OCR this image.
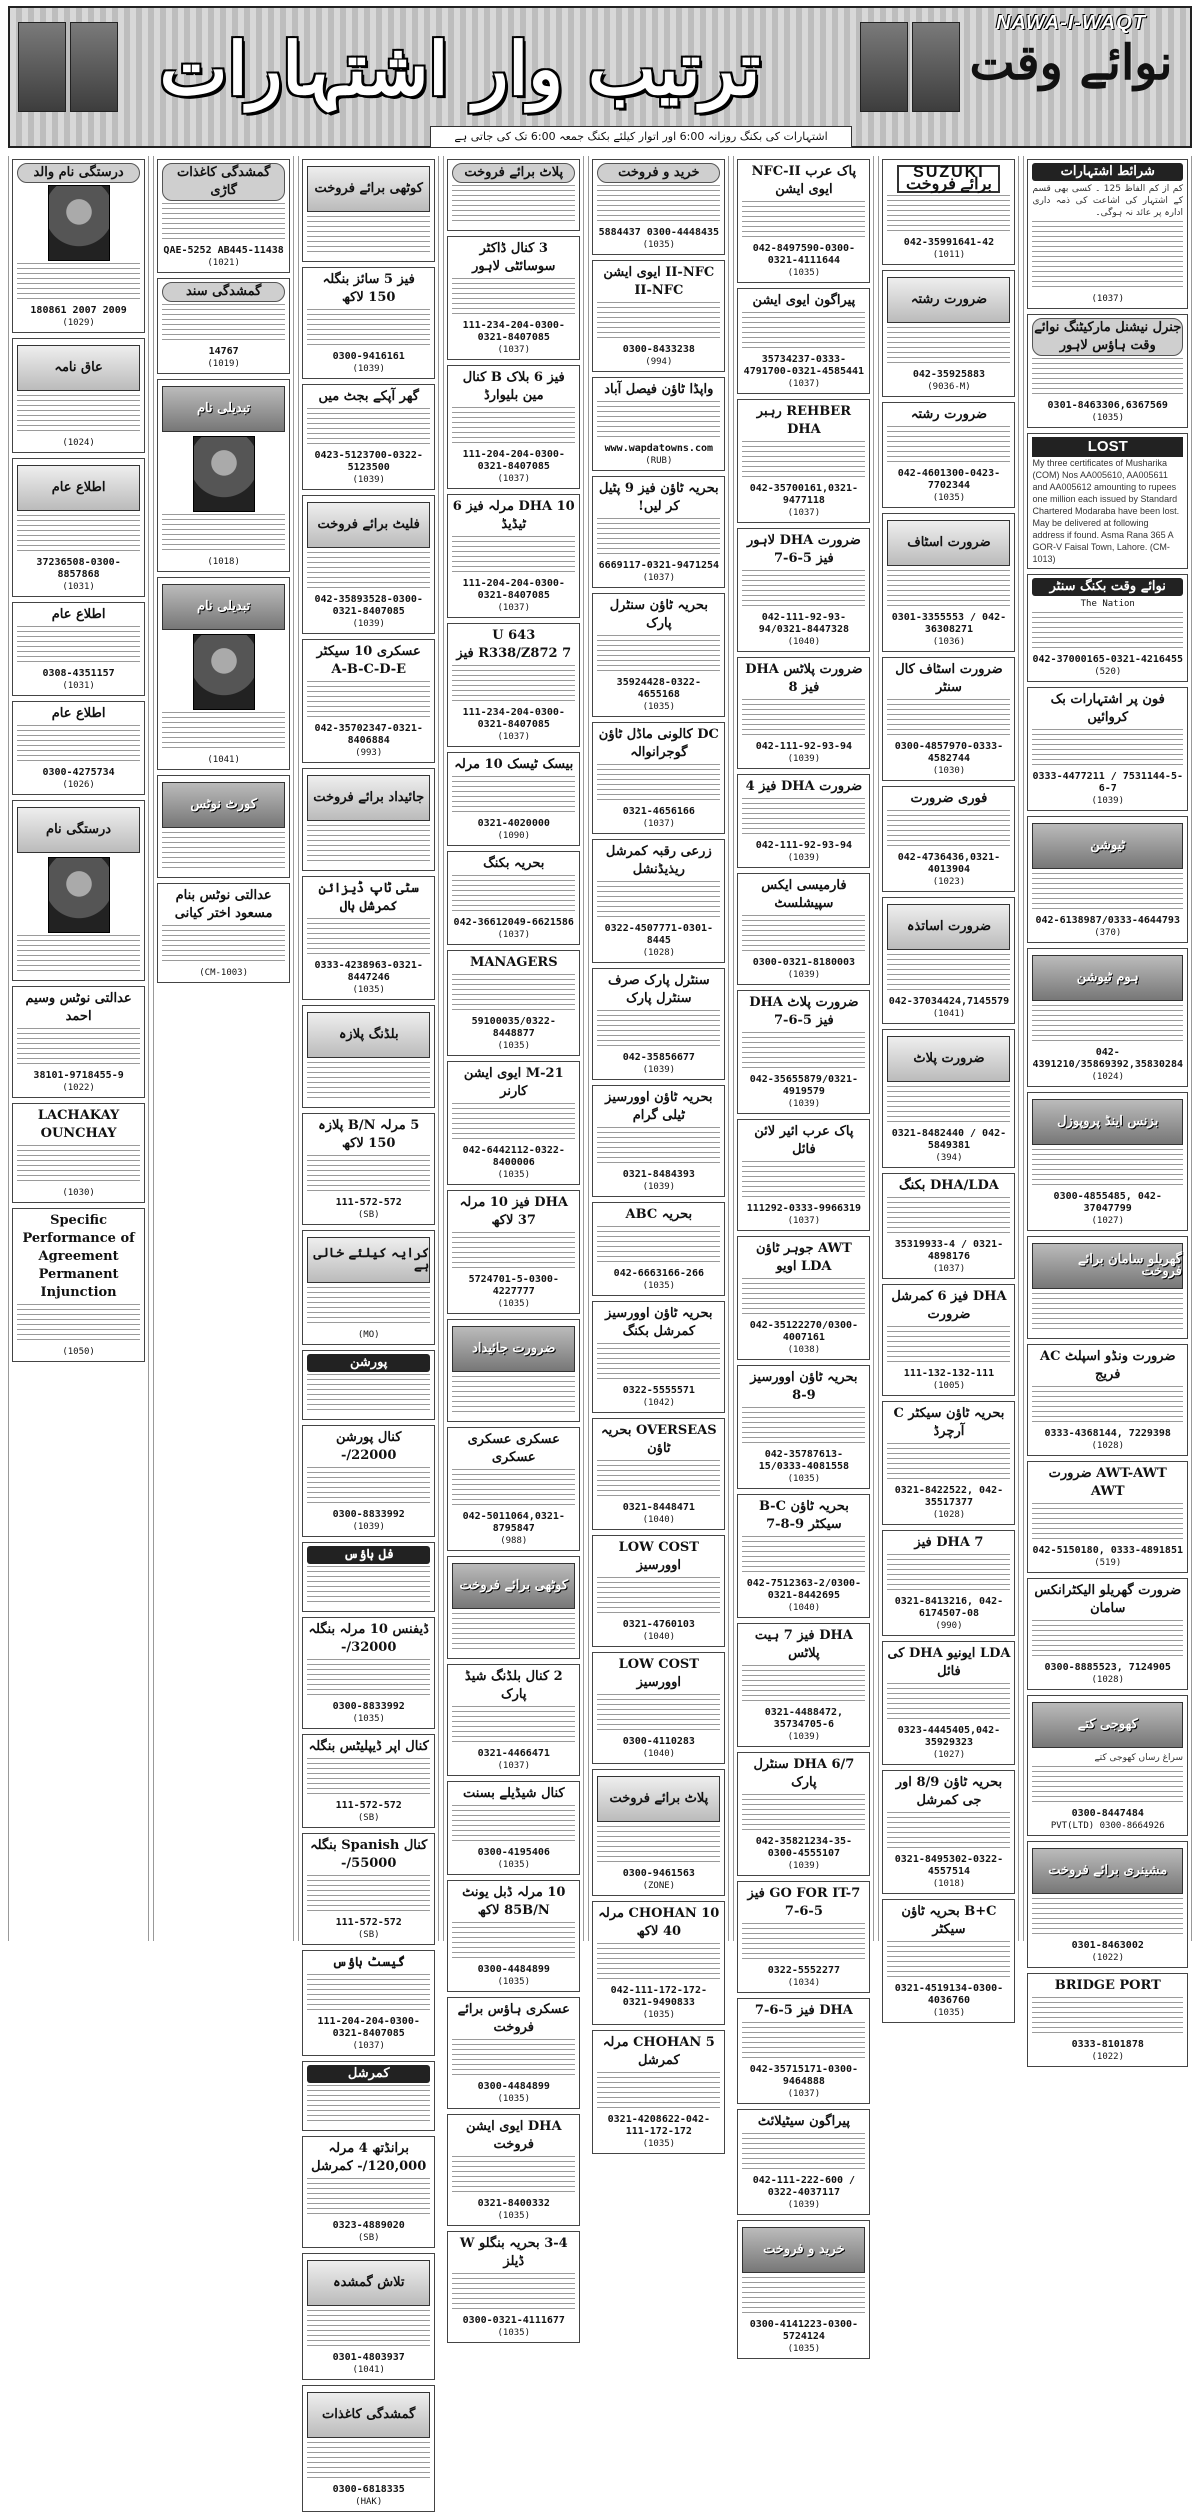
ترتیب وار اشتہارات
NAWA-I-WAQT
نوائے وقت
اشتہارات کی بکنگ روزانہ 6:00 اور اتوار کیلئے بکنگ جمعہ 6:00 تک کی جاتی ہے
شرائط اشتہارات
کم از کم الفاظ 125 ۔ کسی بھی قسم کے اشتہار کی اشاعت کی ذمہ داری ادارہ پر عائد نہ ہوگی۔
(1037)
جنرل نیشنل مارکیٹنگ نوائے وقت ہاؤس لاہور
0301-8463306,6367569
(1035)
LOST
My three certificates of Musharika (COM) Nos AA005610, AA005611 and AA005612 amounting to rupees one million each issued by Standard Chartered Modaraba have been lost. May be delivered at following address if found. Asma Rana 365 A GOR-V Faisal Town, Lahore. (CM-1013)
نوائے وقت بکنگ سنٹر
The Nation
042-37000165-0321-4216455
(520)
فون پر اشتہارات بک کروائیں
0333-4477211 / 7531144-5-6-7
(1039)
ٹیوشن
042-6138987/0333-4644793
(370)
ہوم ٹیوشن
042-4391210/35869392,35830284
(1024)
بزنس اینڈ پروپوزل
0300-4855485, 042-37047799
(1027)
گھریلو سامان برائے فروخت
ضرورت ونڈو اسپلٹ AC فریج
0333-4368144, 7229398
(1028)
AWT-AWT ضرورت AWT
042-5150180, 0333-4891851
(519)
ضرورت گھریلو الیکٹرانکس سامان
0300-8885523, 7124905
(1028)
کھوجی کتے
سراغ رساں کھوجی کتے
0300-8447484
PVT(LTD) 0300-8664926
مشینری برائے فروخت
0301-8463002
(1022)
BRIDGE PORT
0333-8101878
(1022)
SUZUKI برائے فروخت
042-35991641-42
(1011)
ضرورت رشتہ
042-35925883
(9036-M)
ضرورت رشتہ
042-4601300-0423-7702344
(1035)
ضرورت اسٹاف
0301-3355553 / 042-36308271
(1036)
ضرورت اسٹاف کال سنٹر
0300-4857970-0333-4582744
(1030)
فوری ضرورت
042-4736436,0321-4013904
(1023)
ضرورت اساتذہ
042-37034424,7145579
(1041)
ضرورت پلاٹ
0321-8482440 / 042-5849381
(394)
DHA/LDA بکنگ
35319933-4 / 0321-4898176
(1037)
DHA فیز 6 کمرشل ضرورت
111-132-132-111
(1005)
بحریہ ٹاؤن سیکٹر C آرچرڈ
0321-8422522, 042-35517377
(1028)
DHA 7 فیز
0321-8413216, 042-6174507-08
(990)
LDA ایونیو DHA کی فائل
0323-4445405,042-35929323
(1027)
بحریہ ٹاؤن 8/9 اور جی کمرشل
0321-8495302-0322-4557514
(1018)
B+C بحریہ ٹاؤن سیکٹر
0321-4519134-0300-4036760
(1035)
پاک عرب NFC-II ایوی ایشن
042-8497590-0300-0321-4111644
(1035)
پیراگون ایوی ایشن
35734237-0333-4791700-0321-4585441
(1037)
REHBER رہبر DHA
042-35700161,0321-9477118
(1037)
ضرورت DHA لاہور فیز 5-6-7
042-111-92-93-94/0321-8447328
(1040)
ضرورت پلاٹس DHA فیز 8
042-111-92-93-94
(1039)
ضرورت DHA فیز 4
042-111-92-93-94
(1039)
فارمیسی ایکس سپیشلسٹ
0300-0321-8180003
(1039)
ضرورت پلاٹ DHA فیز 5-6-7
042-35655879/0321-4919579
(1039)
پاک عرب ائیر لائن فائل
111292-0333-9966319
(1037)
AWT جوہر ٹاؤن LDA اویو
042-35122270/0300-4007161
(1038)
بحریہ ٹاؤن اوورسیز 9-8
042-35787613-15/0333-4081558
(1035)
بحریہ ٹاؤن B-C سیکٹر 9-8-7
042-7512363-2/0300-0321-8442695
(1040)
DHA فیز 7 ہیت پلاٹس
0321-4488472, 35734705-6
(1039)
DHA 6/7 سنٹرل پارک
042-35821234-35-0300-4555107
(1039)
GO FOR IT-7 فیز 5-6-7
0322-5552277
(1034)
DHA فیز 5-6-7
042-35715171-0300-9464888
(1037)
پیراگون سیٹیلائٹ
042-111-222-600 / 0322-4037117
(1039)
خرید و فروخت
0300-4141223-0300-5724124
(1035)
خرید و فروخت
5884437 0300-4448435
(1035)
II-NFC ایوی ایشن II-NFC
0300-8433238
(994)
واپڈا ٹاؤن فیصل آباد
www.wapdatowns.com
(RUB)
بحریہ ٹاؤن فیز 9 پٹیل کر لیں!
6669117-0321-9471254
(1037)
بحریہ ٹاؤن سنٹرل پارک
35924428-0322-4655168
(1035)
DC کالونی ماڈل ٹاؤن گوجرانوالہ
0321-4656166
(1037)
زرعی رقبہ کمرشل ریذیڈنشل
0322-4507771-0301-8445
(1028)
سنٹرل پارک صرف سنٹرل پارک
042-35856677
(1039)
بحریہ ٹاؤن اوورسیز ٹیلی گرام
0321-8484393
(1039)
بحریہ ABC
042-6663166-266
(1035)
بحریہ ٹاؤن اوورسیز کمرشل بکنگ
0322-5555571
(1042)
OVERSEAS بحریہ ٹاؤن
0321-8448471
(1040)
LOW COST اوورسیز
0321-4760103
(1040)
LOW COST اوورسیز
0300-4110283
(1040)
پلاٹ برائے فروخت
0300-9461563
(ZONE)
CHOHAN 10 مرلہ 40 لاکھ
042-111-172-172-0321-9490833
(1035)
CHOHAN 5 مرلہ کمرشل
0321-4208622-042-111-172-172
(1035)
پلاٹ برائے فروخت
3 کنال ڈاکٹر سوسائٹی لاہور
111-234-204-0300-0321-8407085
(1037)
فیز 6 بلاک B کنال مین بلیوارڈ
111-204-204-0300-0321-8407085
(1037)
DHA 10 مرلہ فیز 6 ٹیڈیڈ
111-204-204-0300-0321-8407085
(1037)
U 643 R338/Z872 7 فیز
111-234-204-0300-0321-8407085
(1037)
بیسک ٹیسک 10 مرلہ
0321-4020000
(1090)
بحریہ بکنگ
042-36612049-6621586
(1037)
MANAGERS
59100035/0322-8448877
(1035)
M-21 ایوی ایشن کارنر
042-6442112-0322-8400006
(1035)
DHA فیز 10 مرلہ 37 لاکھ
5724701-5-0300-4227777
(1035)
ضرورت جائیداد
عسکری عسکری عسکری
042-5011064,0321-8795847
(988)
کوٹھی برائے فروخت
2 کنال بلڈنگ شیڈ پارک
0321-4466471
(1037)
کنال شیڈیلے بسنت
0300-4195406
(1035)
10 مرلہ ڈبل یونٹ 85B/N لاکھ
0300-4484899
(1035)
عسکری ہاؤس برائے فروخت
0300-4484899
(1035)
DHA ایوی ایشن فروخت
0321-8400332
(1035)
3-4 بحریہ بنگلو W ڈیلز
0300-0321-4111677
(1035)
کوٹھی برائے فروخت
فیز 5 سائز بنگلہ 150 لاکھ
0300-9416161
(1039)
گھر آپکے بجٹ میں
0423-5123700-0322-5123500
(1039)
فلیٹ برائے فروخت
042-35893528-0300-0321-8407085
(1039)
عسکری 10 سیکٹر A-B-C-D-E
042-35702347-0321-8406884
(993)
جائیداد برائے فروخت
سٹی ٹاپ ڈیزائن کمرشل ہال
0333-4238963-0321-8447246
(1035)
بلڈنگ پلازہ
5 مرلہ B/N پلازہ 150 لاکھ
111-572-572
(SB)
کرایہ کیلئے خالی ہے
(MO)
پورشن
کنال پورشن 22000/-
0300-8833992
(1039)
فل ہاؤس
ڈیفنس 10 مرلہ بنگلہ 32000/-
0300-8833992
(1035)
کنال اپر ڈیپلیٹس بنگلہ
111-572-572
(SB)
کنال Spanish بنگلہ 55000/-
111-572-572
(SB)
گیسٹ ہاؤس
111-204-204-0300-0321-8407085
(1037)
کمرشل
برانڈتھ 4 مرلہ 120,000/- کمرشل
0323-4889020
(SB)
تلاش گمشدہ
0301-4803937
(1041)
گمشدگی کاغذات
0300-6818335
(HAK)
گمشدگی کاغذات گاڑی
QAE-5252 AB445-11438
(1021)
گمشدگی سند
14767
(1019)
تبدیلی نام
(1018)
تبدیلی نام
(1041)
کورٹ نوٹس
عدالتی نوٹس بنام مسعود اختر کیانی
(CM-1003)
درستگی نام والد
180861 2007 2009
(1029)
عاق نامہ
(1024)
اطلاع عام
37236508-0300-8857868
(1031)
اطلاع عام
0308-4351157
(1031)
اطلاع عام
0300-4275734
(1026)
درستگی نام
عدالتی نوٹس وسیم احمد
38101-9718455-9
(1022)
LACHAKAY OUNCHAY
(1030)
Specific Performance of Agreement Permanent Injunction
(1050)
